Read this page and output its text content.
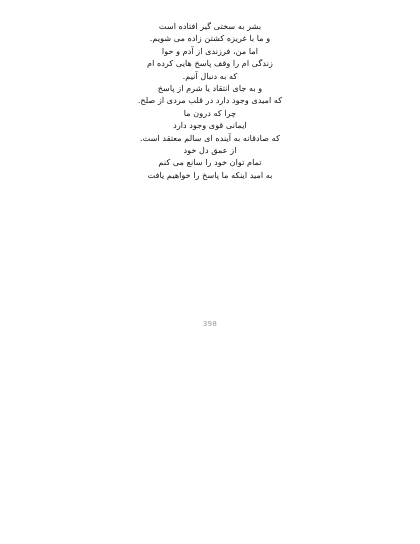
بشر به سختی گیر افتاده است
و ما با غریزه کشتن زاده می شویم.
اما من، فرزندی از آدم و حوا
زندگی ام را وقف پاسخ هایی کرده ام
که به دنبال آنیم.
و به جای انتقاد یا شرم از پاسخ
که امیدی وجود دارد در قلب مردی از صلح.
چرا که درون ما
ایمانی قوی وجود دارد
که صادقانه به آینده ای سالم معتقد است.
از عمق دل خود
تمام توان خود را سانع می کنم
به امید اینکه ما پاسخ را خواهیم یافت
398
